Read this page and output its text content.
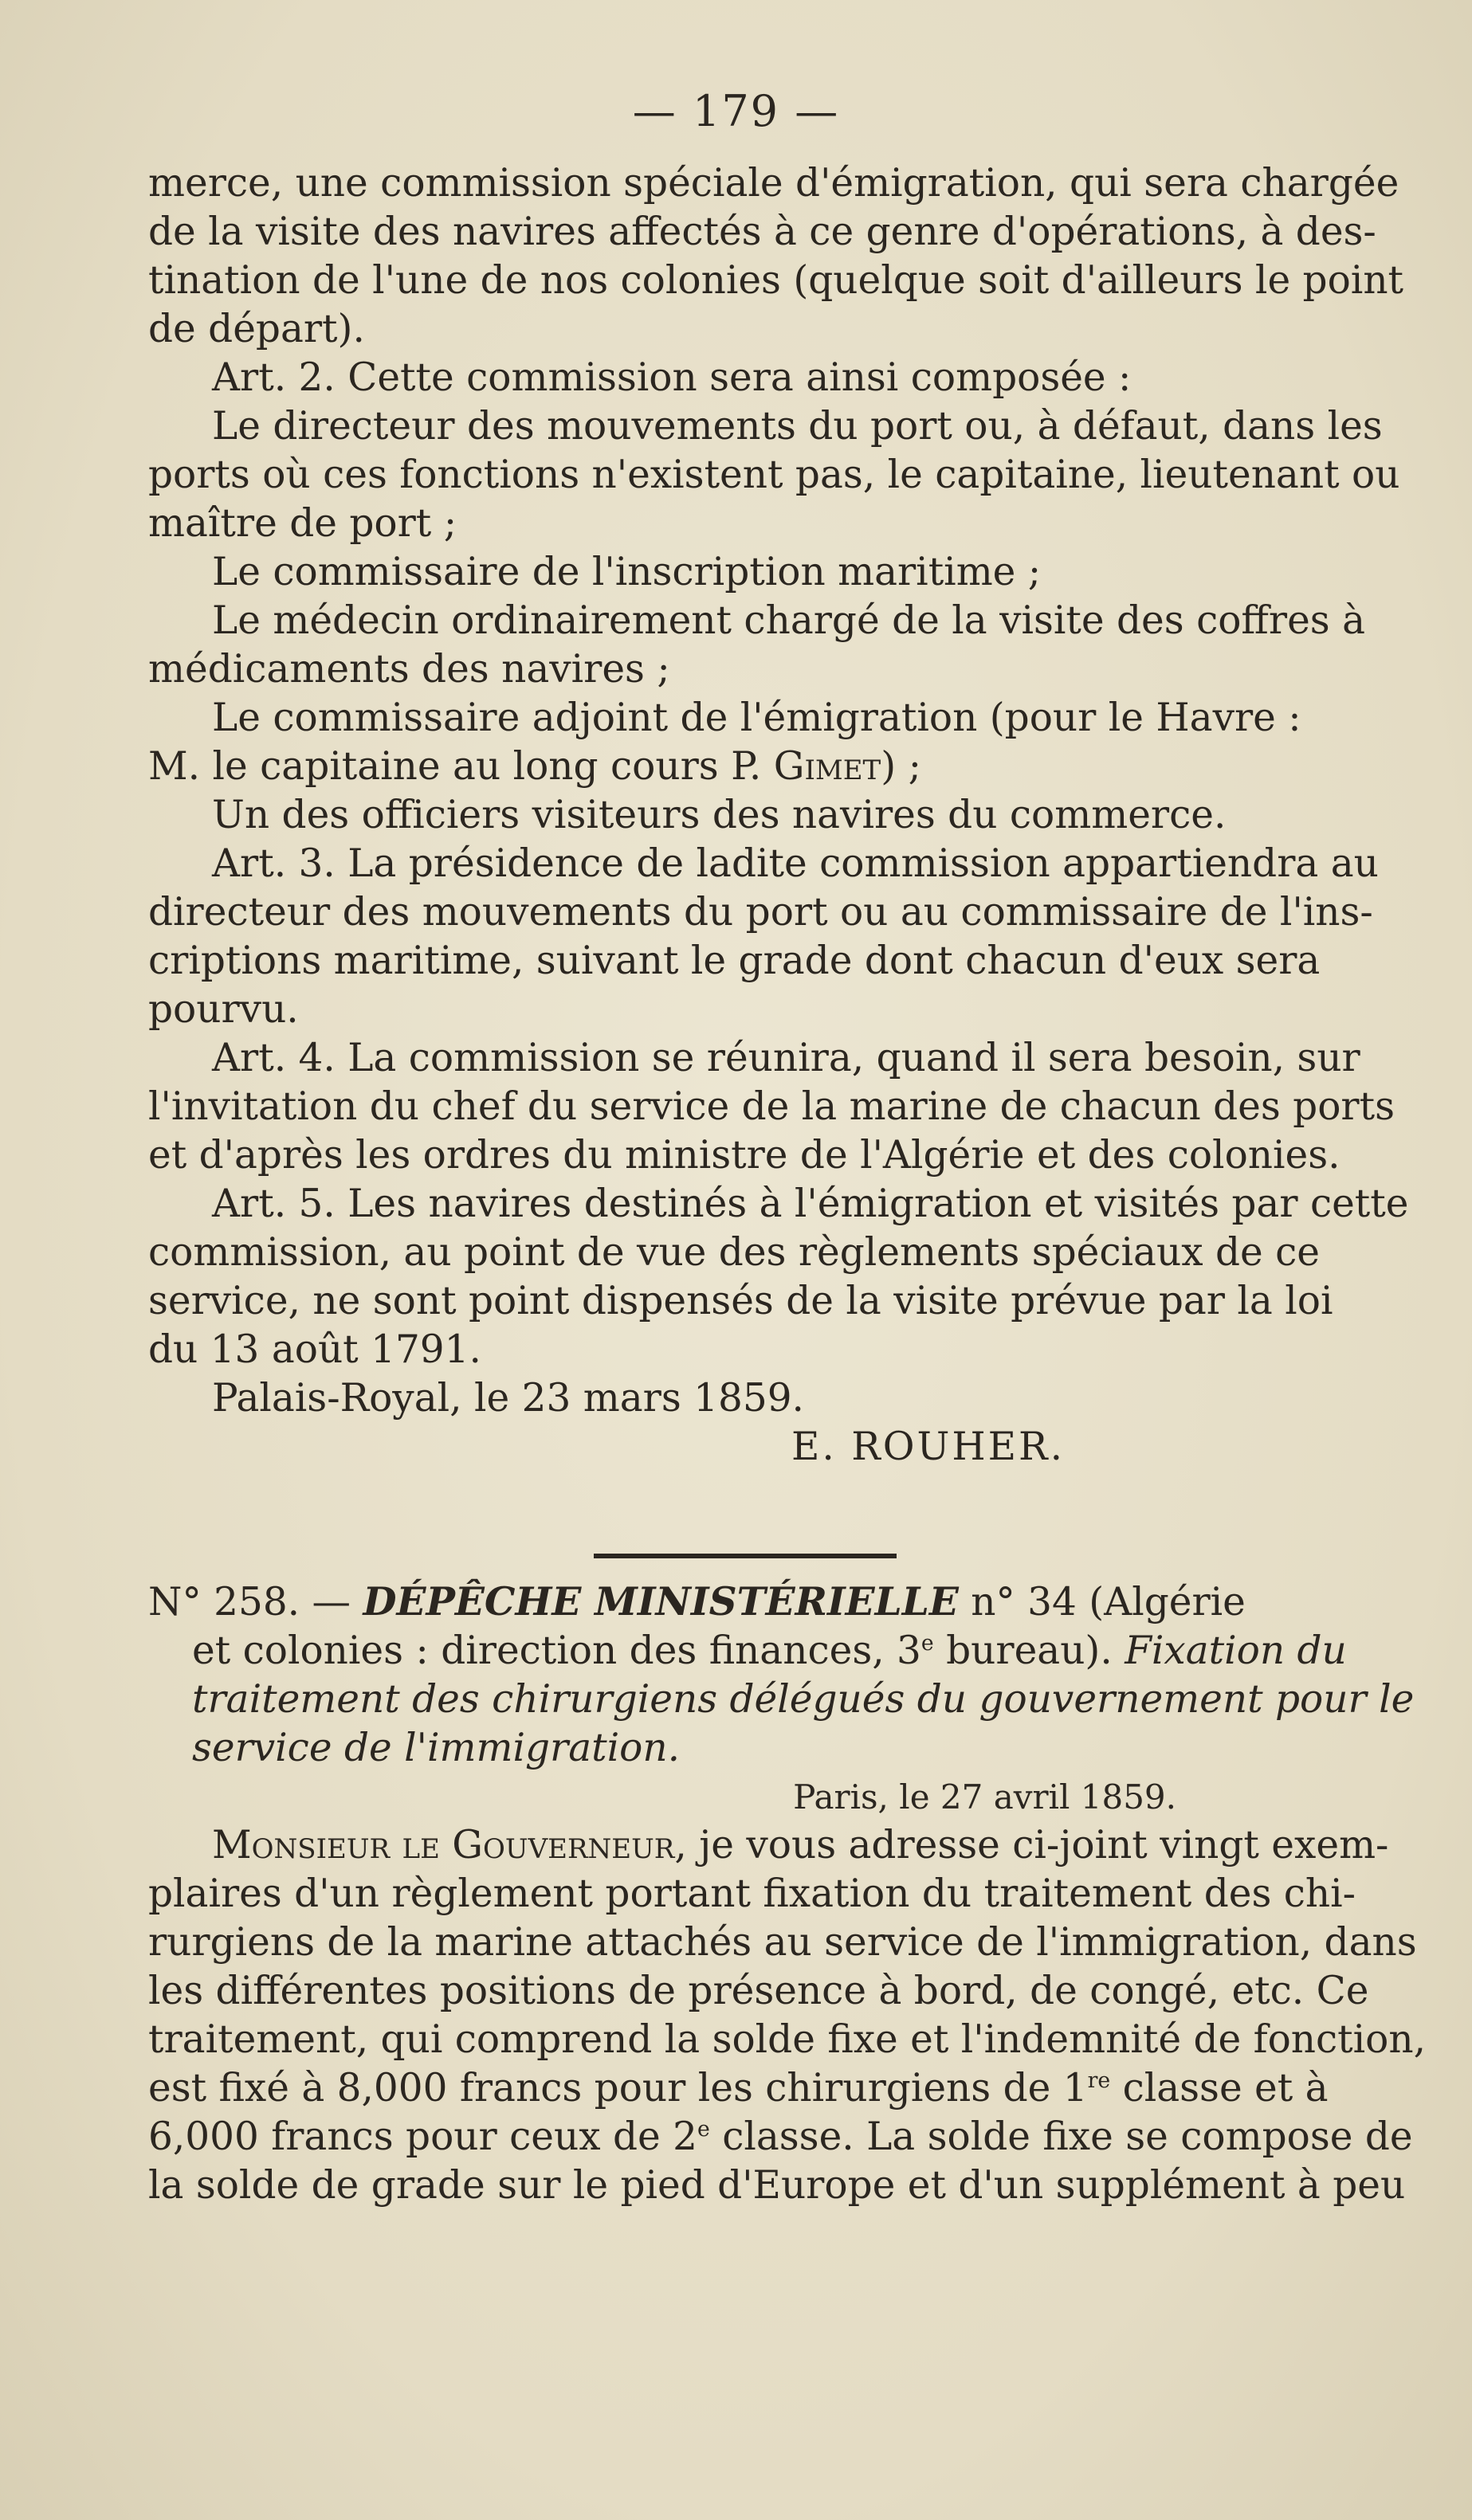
— 179 —
merce, une commission spéciale d'émigration, qui sera chargée
de la visite des navires affectés à ce genre d'opérations, à des-
tination de l'une de nos colonies (quelque soit d'ailleurs le point
de départ).
Art. 2. Cette commission sera ainsi composée :
Le directeur des mouvements du port ou, à défaut, dans les
ports où ces fonctions n'existent pas, le capitaine, lieutenant ou
maître de port ;
Le commissaire de l'inscription maritime ;
Le médecin ordinairement chargé de la visite des coffres à
médicaments des navires ;
Le commissaire adjoint de l'émigration (pour le Havre :
M. le capitaine au long cours P. Gimet) ;
Un des officiers visiteurs des navires du commerce.
Art. 3. La présidence de ladite commission appartiendra au
directeur des mouvements du port ou au commissaire de l'ins-
criptions maritime, suivant le grade dont chacun d'eux sera
pourvu.
Art. 4. La commission se réunira, quand il sera besoin, sur
l'invitation du chef du service de la marine de chacun des ports
et d'après les ordres du ministre de l'Algérie et des colonies.
Art. 5. Les navires destinés à l'émigration et visités par cette
commission, au point de vue des règlements spéciaux de ce
service, ne sont point dispensés de la visite prévue par la loi
du 13 août 1791.
Palais-Royal, le 23 mars 1859.
E. ROUHER.
N° 258. — DÉPÊCHE MINISTÉRIELLE n° 34 (Algérie
et colonies : direction des finances, 3e bureau). Fixation du
traitement des chirurgiens délégués du gouvernement pour le
service de l'immigration.
Paris, le 27 avril 1859.
Monsieur le Gouverneur, je vous adresse ci-joint vingt exem-
plaires d'un règlement portant fixation du traitement des chi-
rurgiens de la marine attachés au service de l'immigration, dans
les différentes positions de présence à bord, de congé, etc. Ce
traitement, qui comprend la solde fixe et l'indemnité de fonction,
est fixé à 8,000 francs pour les chirurgiens de 1re classe et à
6,000 francs pour ceux de 2e classe. La solde fixe se compose de
la solde de grade sur le pied d'Europe et d'un supplément à peu
